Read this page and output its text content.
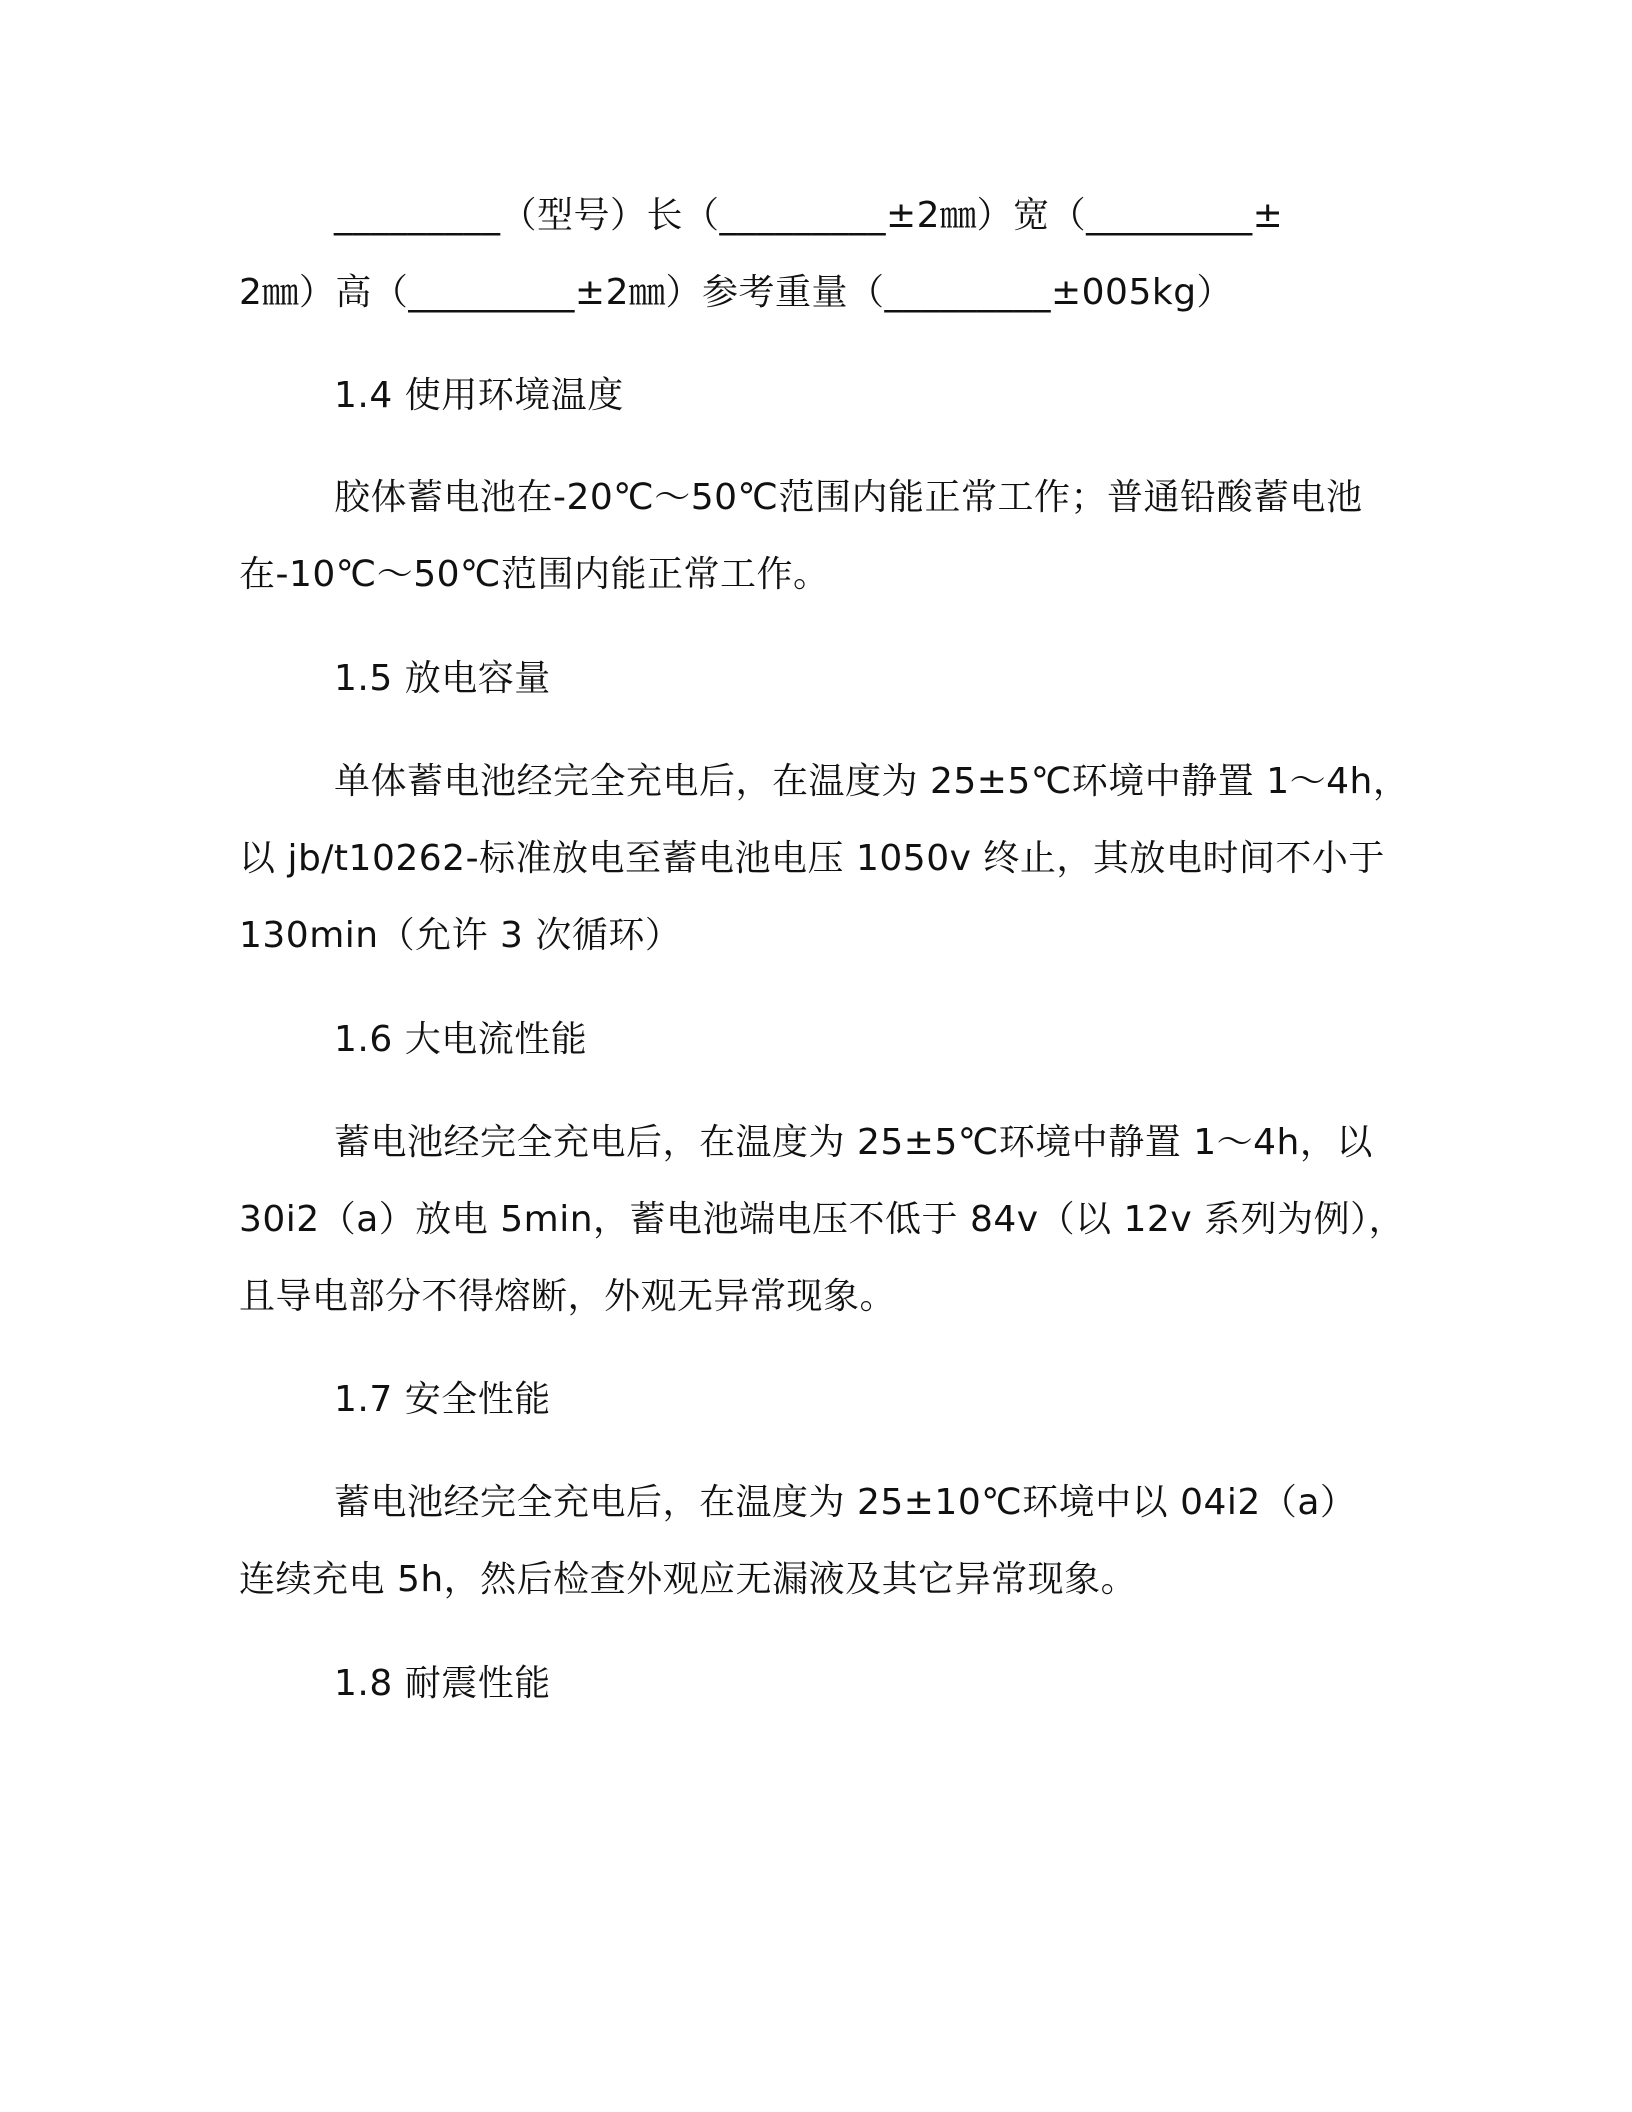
_________（型号）长（_________±2㎜）宽（_________±
2㎜）高（_________±2㎜）参考重量（_________±005kg）
1.4 使用环境温度
胶体蓄电池在-20℃～50℃范围内能正常工作；普通铅酸蓄电池
在-10℃～50℃范围内能正常工作。
1.5 放电容量
单体蓄电池经完全充电后，在温度为 25±5℃环境中静置 1～4h，
以 jb/t10262-标准放电至蓄电池电压 1050v 终止，其放电时间不小于
130min（允许 3 次循环）
1.6 大电流性能
蓄电池经完全充电后，在温度为 25±5℃环境中静置 1～4h，以
30i2（a）放电 5min，蓄电池端电压不低于 84v（以 12v 系列为例），
且导电部分不得熔断，外观无异常现象。
1.7 安全性能
蓄电池经完全充电后，在温度为 25±10℃环境中以 04i2（a）
连续充电 5h，然后检查外观应无漏液及其它异常现象。
1.8 耐震性能
